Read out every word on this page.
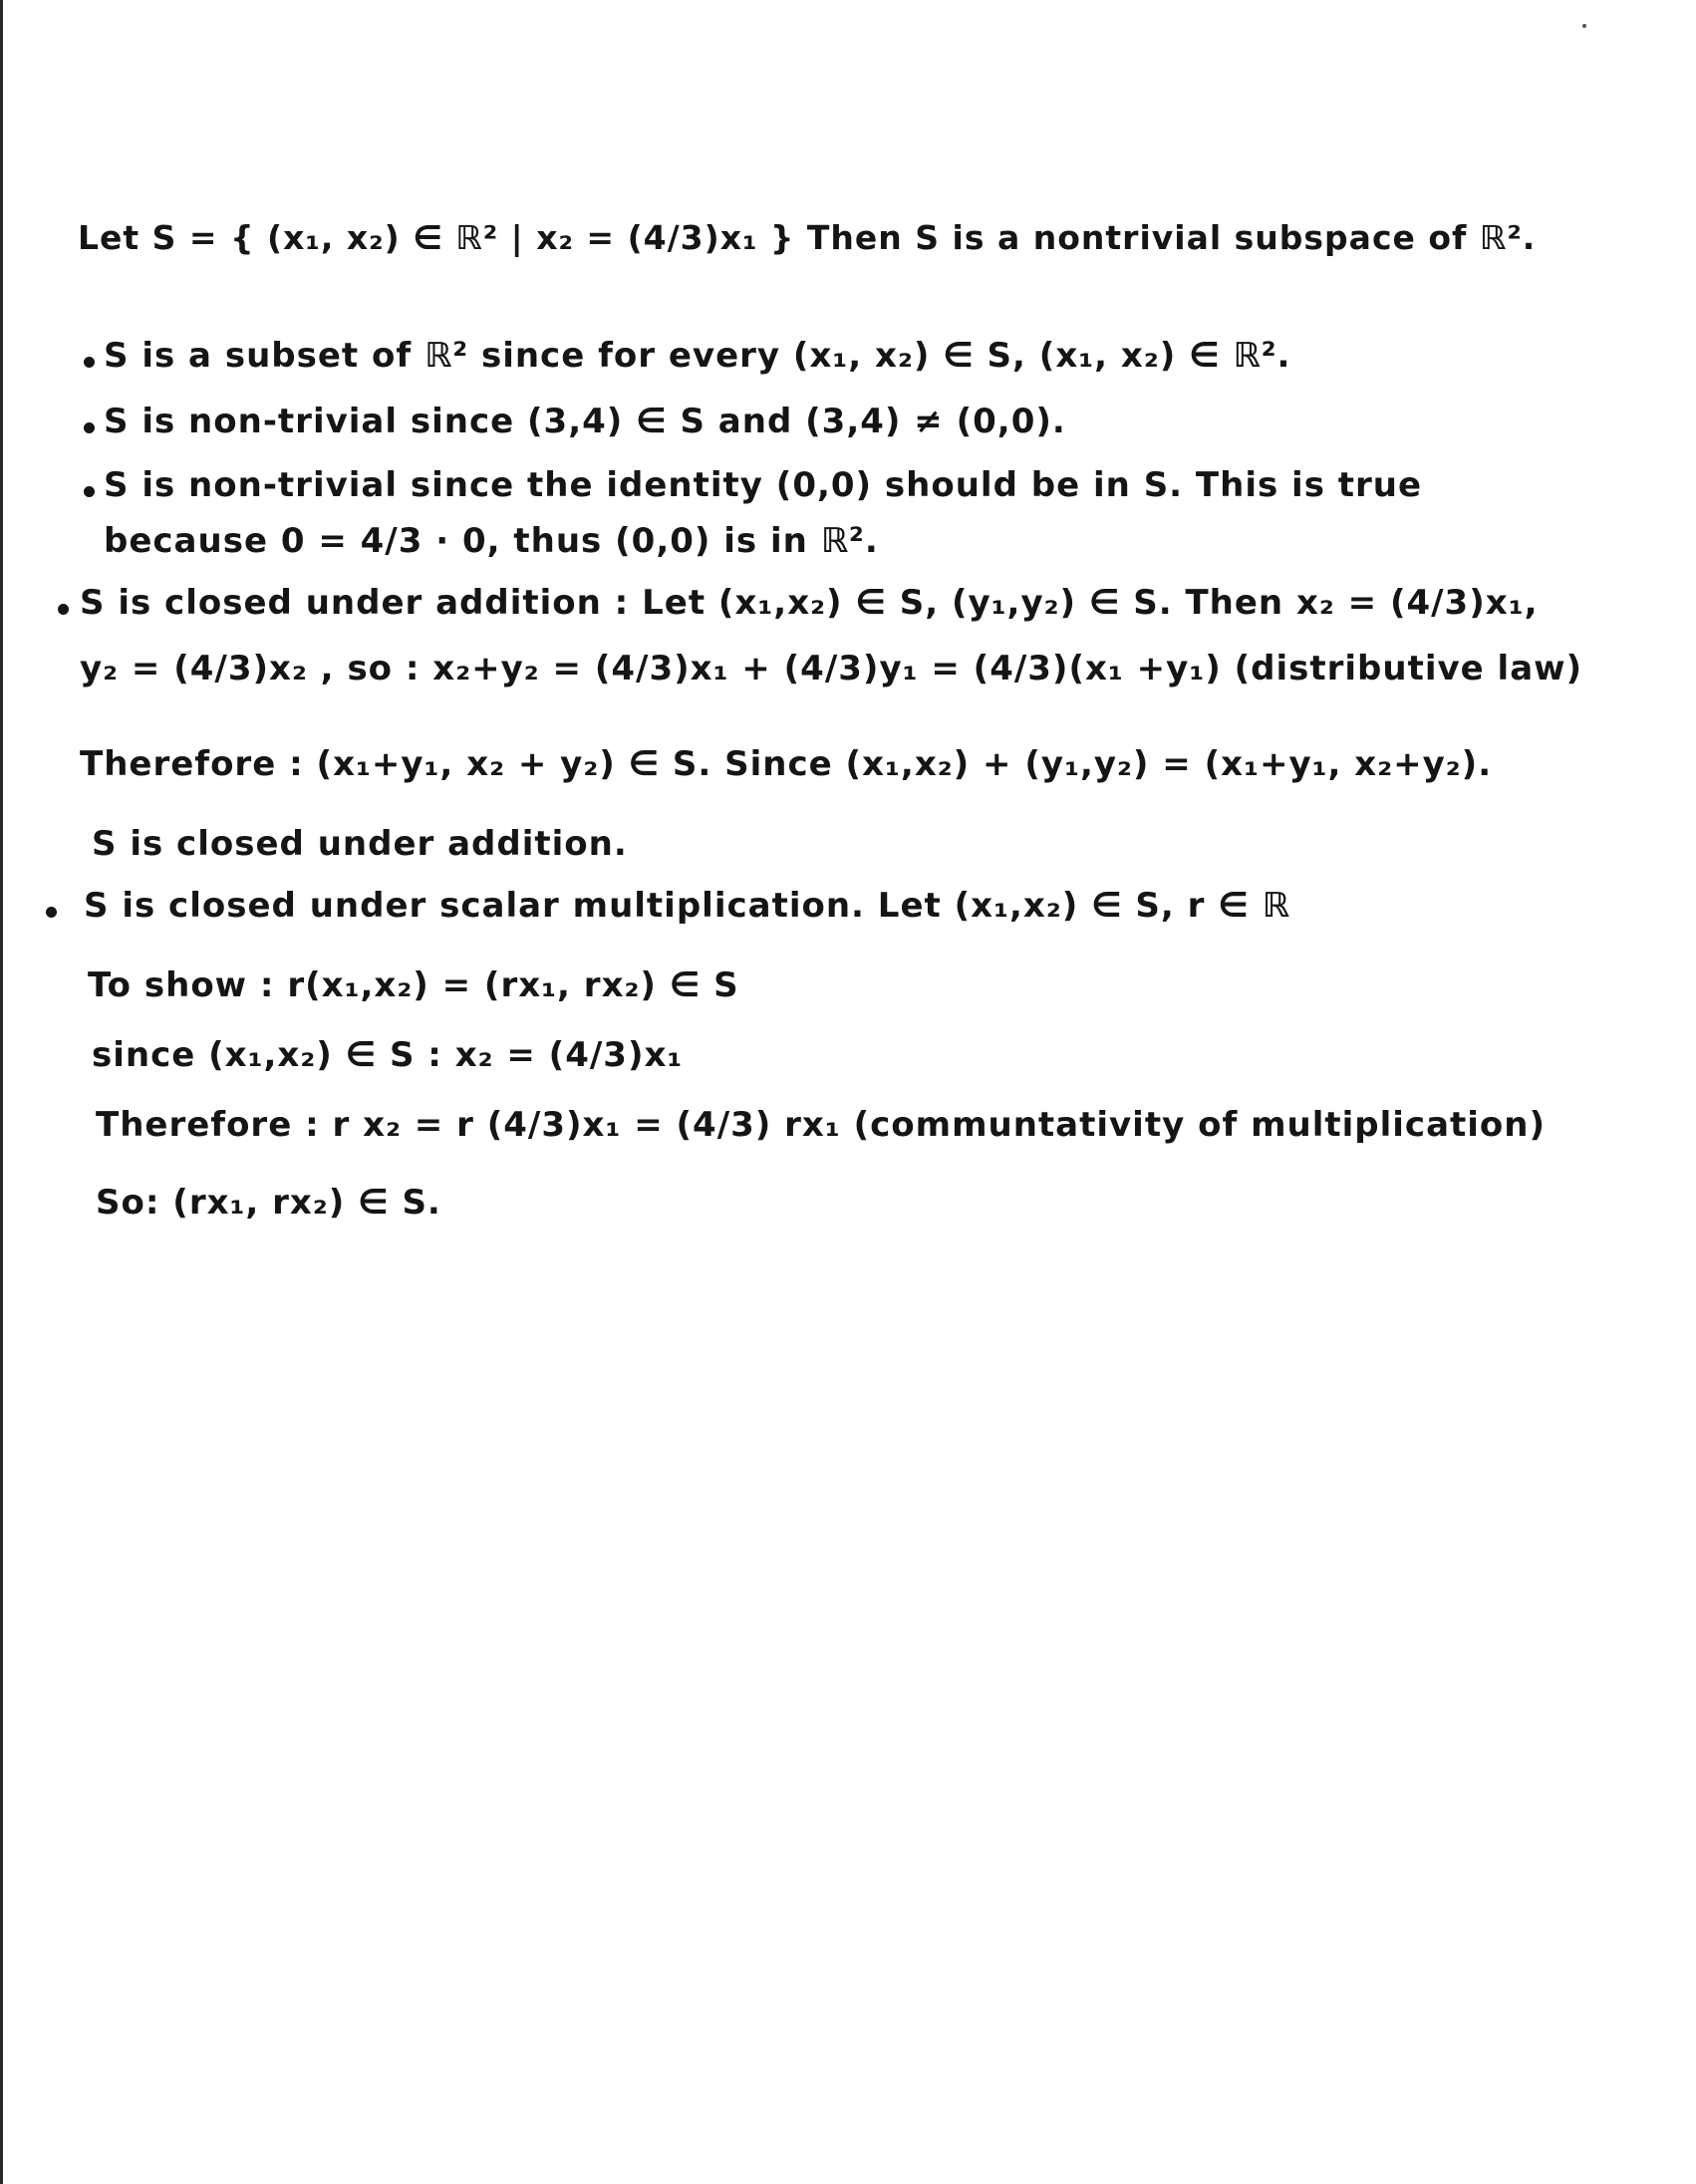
Let S = { (x₁, x₂) ∈ ℝ² | x₂ = (4/3)x₁ } Then S is a nontrivial subspace of ℝ².
S is a subset of ℝ² since for every (x₁, x₂) ∈ S, (x₁, x₂) ∈ ℝ².
S is non-trivial since (3,4) ∈ S and (3,4) ≠ (0,0).
S is non-trivial since the identity (0,0) should be in S. This is true
because 0 = 4/3 · 0, thus (0,0) is in ℝ².
S is closed under addition : Let (x₁,x₂) ∈ S, (y₁,y₂) ∈ S. Then x₂ = (4/3)x₁,
y₂ = (4/3)x₂ , so : x₂+y₂ = (4/3)x₁ + (4/3)y₁ = (4/3)(x₁ +y₁) (distributive law)
Therefore : (x₁+y₁, x₂ + y₂) ∈ S. Since (x₁,x₂) + (y₁,y₂) = (x₁+y₁, x₂+y₂).
S is closed under addition.
S is closed under scalar multiplication. Let (x₁,x₂) ∈ S, r ∈ ℝ
To show : r(x₁,x₂) = (rx₁, rx₂) ∈ S
since (x₁,x₂) ∈ S : x₂ = (4/3)x₁
Therefore : r x₂ = r (4/3)x₁ = (4/3) rx₁ (communtativity of multiplication)
So: (rx₁, rx₂) ∈ S.
